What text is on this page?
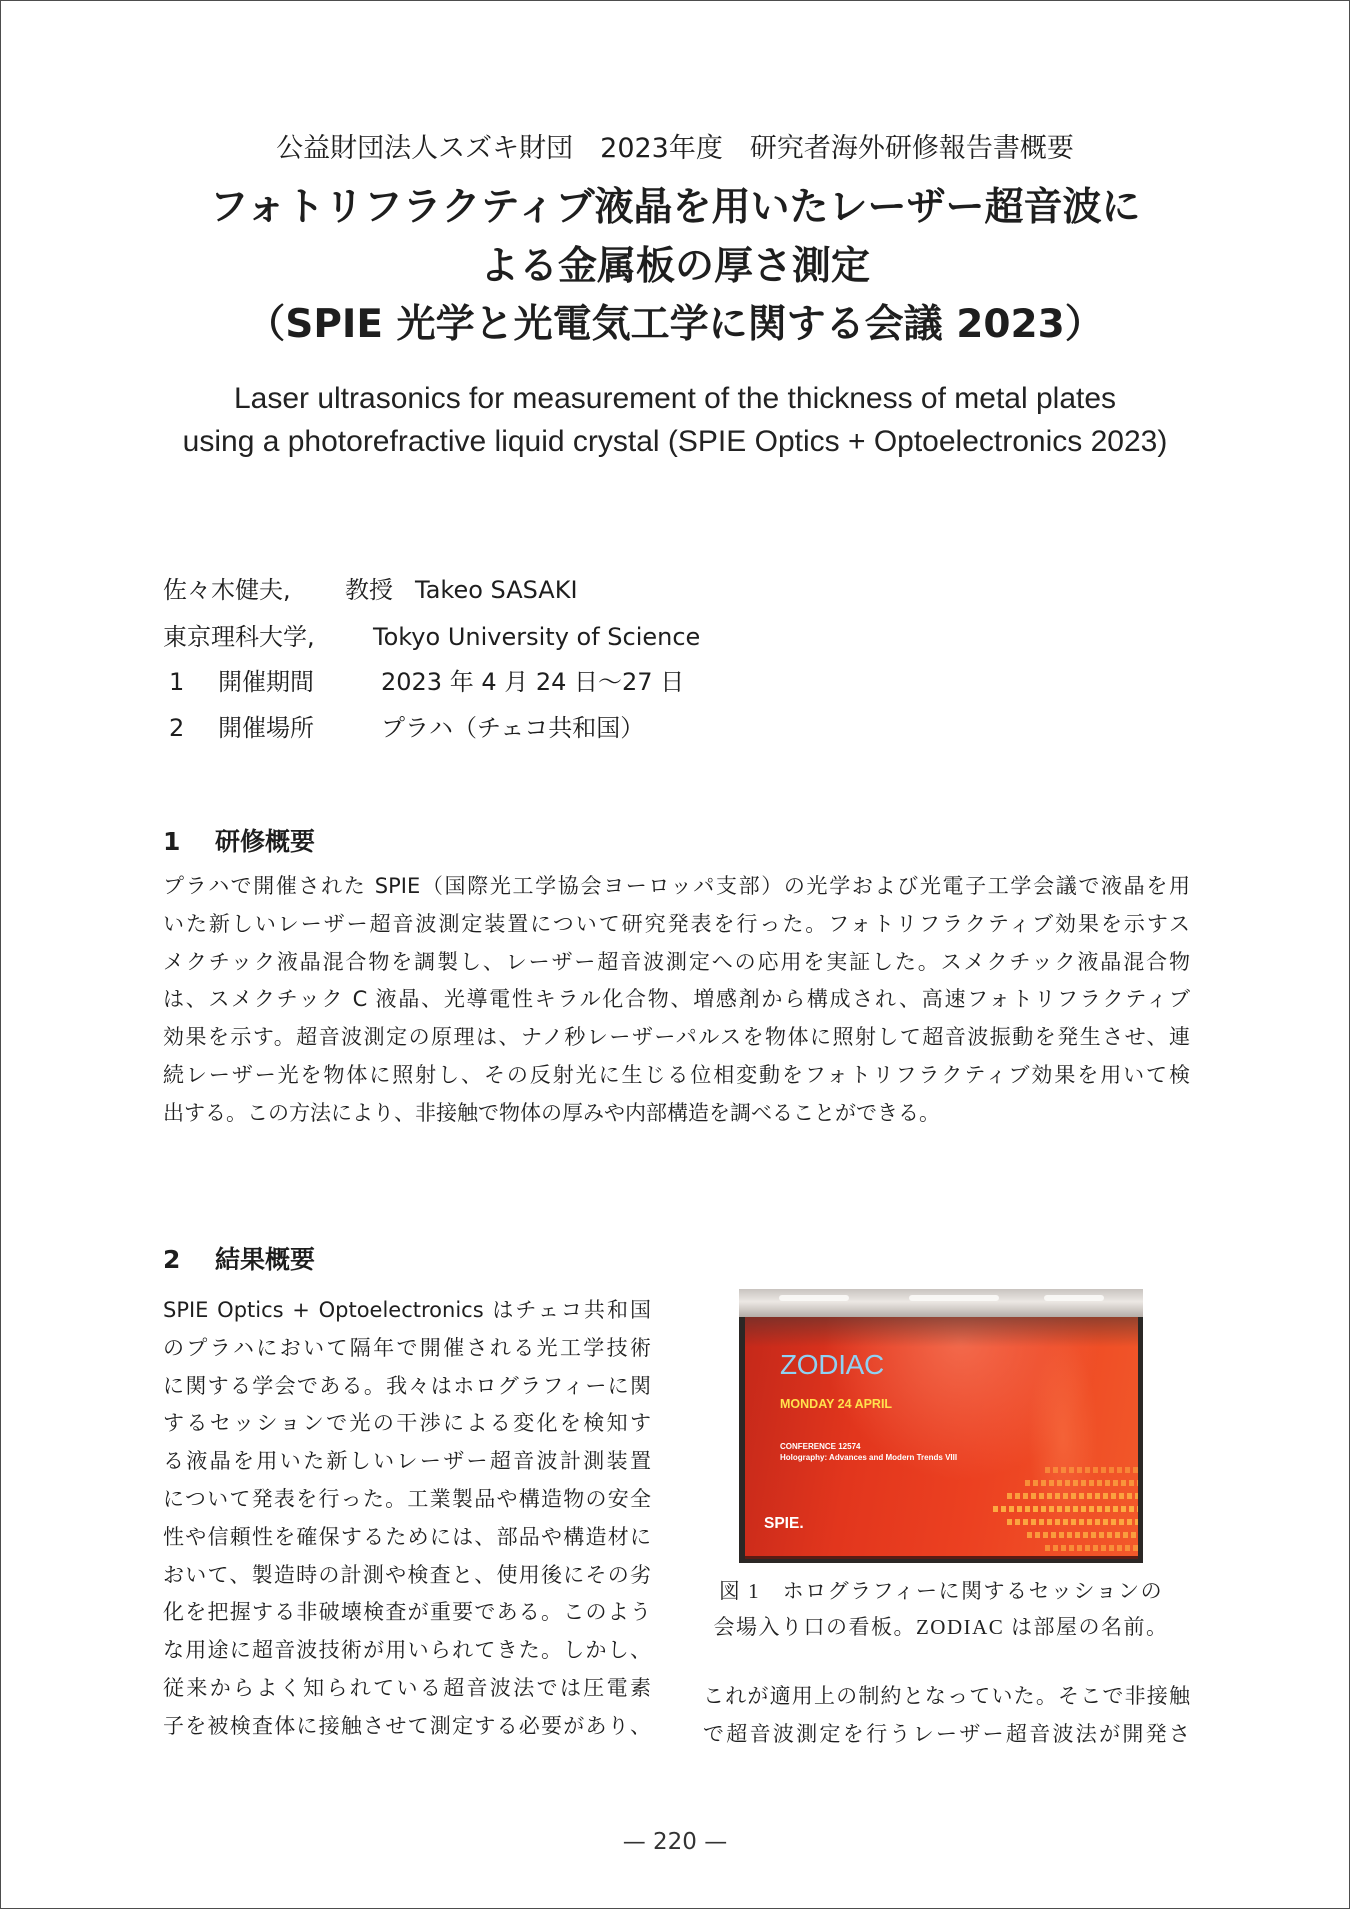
公益財団法人スズキ財団　2023年度　研究者海外研修報告書概要
フォトリフラクティブ液晶を用いたレーザー超音波に
よる金属板の厚さ測定
（SPIE 光学と光電気工学に関する会議 2023）
Laser ultrasonics for measurement of the thickness of metal plates
using a photorefractive liquid crystal (SPIE Optics + Optoelectronics 2023)
佐々木健夫, 教授 Takeo SASAKI
東京理科大学, Tokyo University of Science
1 開催期間	2023 年 4 月 24 日～27 日
2 開催場所	プラハ（チェコ共和国）
1 研修概要
プラハで開催された SPIE（国際光工学協会ヨーロッパ支部）の光学および光電子工学会議で液晶を用
いた新しいレーザー超音波測定装置について研究発表を行った。フォトリフラクティブ効果を示すス
メクチック液晶混合物を調製し、レーザー超音波測定への応用を実証した。スメクチック液晶混合物
は、スメクチック C 液晶、光導電性キラル化合物、増感剤から構成され、高速フォトリフラクティブ
効果を示す。超音波測定の原理は、ナノ秒レーザーパルスを物体に照射して超音波振動を発生させ、連
続レーザー光を物体に照射し、その反射光に生じる位相変動をフォトリフラクティブ効果を用いて検
出する。この方法により、非接触で物体の厚みや内部構造を調べることができる。
2 結果概要
SPIE Optics + Optoelectronics はチェコ共和国
のプラハにおいて隔年で開催される光工学技術
に関する学会である。我々はホログラフィーに関
するセッションで光の干渉による変化を検知す
る液晶を用いた新しいレーザー超音波計測装置
について発表を行った。工業製品や構造物の安全
性や信頼性を確保するためには、部品や構造材に
おいて、製造時の計測や検査と、使用後にその劣
化を把握する非破壊検査が重要である。このよう
な用途に超音波技術が用いられてきた。しかし、
従来からよく知られている超音波法では圧電素
子を被検査体に接触させて測定する必要があり、
ZODIAC
MONDAY 24 APRIL
CONFERENCE 12574
Holography: Advances and Modern Trends VIII
SPIE.
図 1　ホログラフィーに関するセッションの
会場入り口の看板。ZODIAC は部屋の名前。
これが適用上の制約となっていた。そこで非接触
で超音波測定を行うレーザー超音波法が開発さ
— 220 —
